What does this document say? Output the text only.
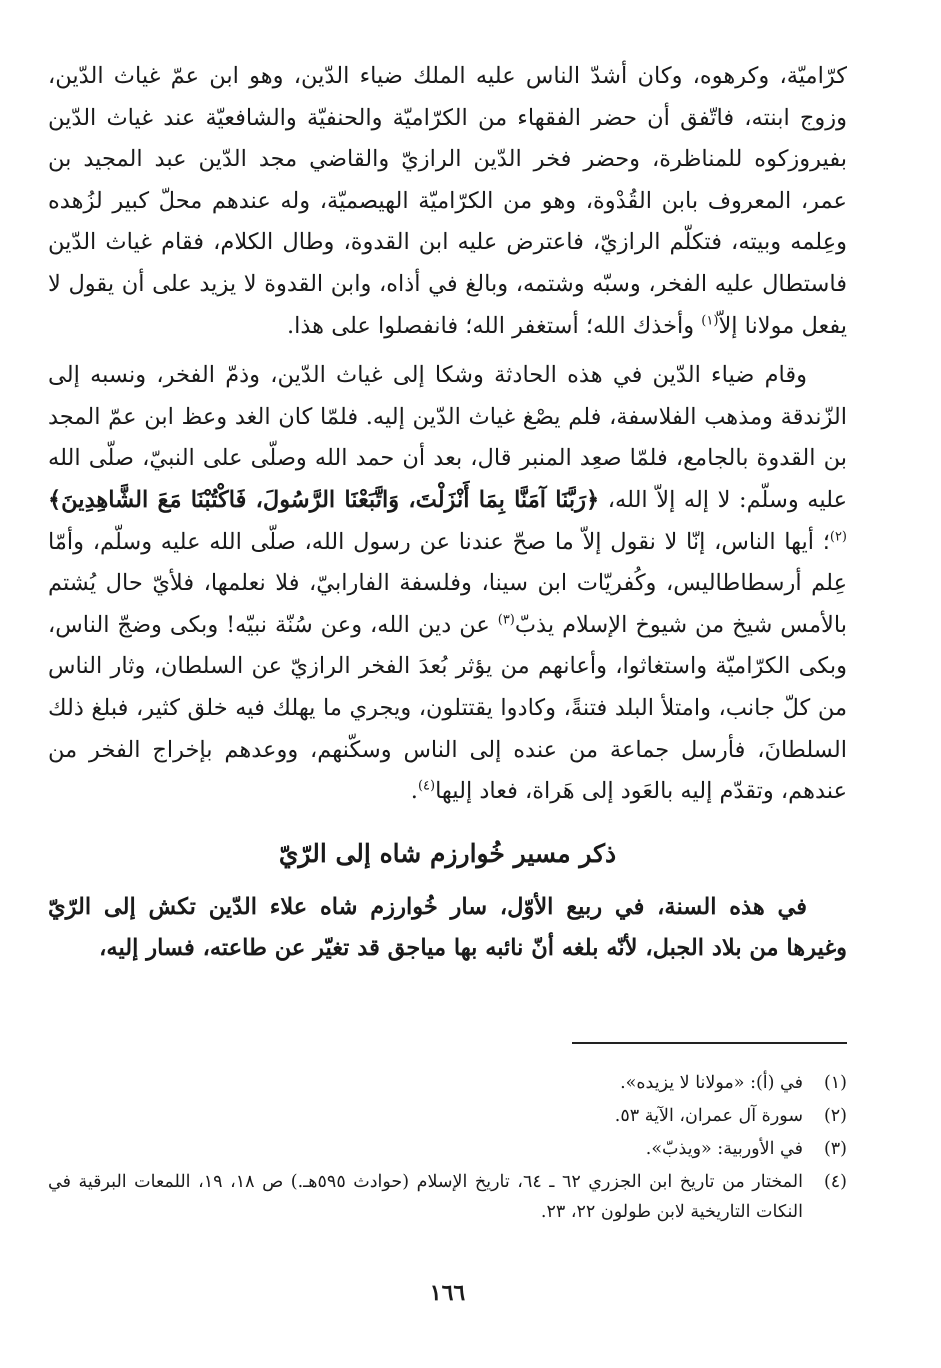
كرّاميّة، وكرهوه، وكان أشدّ الناس عليه الملك ضياء الدّين، وهو ابن عمّ غياث الدّين، وزوج ابنته، فاتّفق أن حضر الفقهاء من الكرّاميّة والحنفيّة والشافعيّة عند غياث الدّين بفيروزكوه للمناظرة، وحضر فخر الدّين الرازيّ والقاضي مجد الدّين عبد المجيد بن عمر، المعروف بابن القُدْوة، وهو من الكرّاميّة الهيصميّة، وله عندهم محلّ كبير لزُهده وعِلمه وبيته، فتكلّم الرازيّ، فاعترض عليه ابن القدوة، وطال الكلام، فقام غياث الدّين فاستطال عليه الفخر، وسبّه وشتمه، وبالغ في أذاه، وابن القدوة لا يزيد على أن يقول لا يفعل مولانا إلاّ$^{(١)}$ وأخذك الله؛ أستغفر الله؛ فانفصلوا على هذا.

وقام ضياء الدّين في هذه الحادثة وشكا إلى غياث الدّين، وذمّ الفخر، ونسبه إلى الزّندقة ومذهب الفلاسفة، فلم يصْغ غياث الدّين إليه. فلمّا كان الغد وعظ ابن عمّ المجد بن القدوة بالجامع، فلمّا صعِد المنبر قال، بعد أن حمد الله وصلّى على النبيّ، صلّى الله عليه وسلّم: لا إله إلاّ الله، ﴿رَبَّنَا آمَنَّا بِمَا أَنْزَلْتَ، وَاتَّبَعْنَا الرَّسُولَ، فَاكْتُبْنَا مَعَ الشَّاهِدِينَ﴾$^{(٢)}$؛ أيها الناس، إنّا لا نقول إلاّ ما صحّ عندنا عن رسول الله، صلّى الله عليه وسلّم، وأمّا عِلم أرسطاطاليس، وكُفريّات ابن سينا، وفلسفة الفارابيّ، فلا نعلمها، فلأيّ حال يُشتم بالأمس شيخ من شيوخ الإسلام يذبّ$^{(٣)}$ عن دين الله، وعن سُنّة نبيّه! وبكى وضجّ الناس، وبكى الكرّاميّة واستغاثوا، وأعانهم من يؤثر بُعدَ الفخر الرازيّ عن السلطان، وثار الناس من كلّ جانب، وامتلأ البلد فتنةً، وكادوا يقتتلون، ويجري ما يهلك فيه خلق كثير، فبلغ ذلك السلطانَ، فأرسل جماعة من عنده إلى الناس وسكّنهم، ووعدهم بإخراج الفخر من عندهم، وتقدّم إليه بالعَود إلى هَراة، فعاد إليها$^{(٤)}$.

ذكر مسير خُوارزم شاه إلى الرّيّ

في هذه السنة، في ربيع الأوّل، سار خُوارزم شاه علاء الدّين تكش إلى الرّيّ وغيرها من بلاد الجبل، لأنّه بلغه أنّ نائبه بها مياجق قد تغيّر عن طاعته، فسار إليه،

(١)
في (أ): «مولانا لا يزيده».
(٢)
سورة آل عمران، الآية ٥٣.
(٣)
في الأوربية: «ويذبّ».
(٤)
المختار من تاريخ ابن الجزري ٦٢ ـ ٦٤، تاريخ الإسلام (حوادث ٥٩٥هـ.) ص ١٨، ١٩، اللمعات البرقية في النكات التاريخية لابن طولون ٢٢، ٢٣.
١٦٦
